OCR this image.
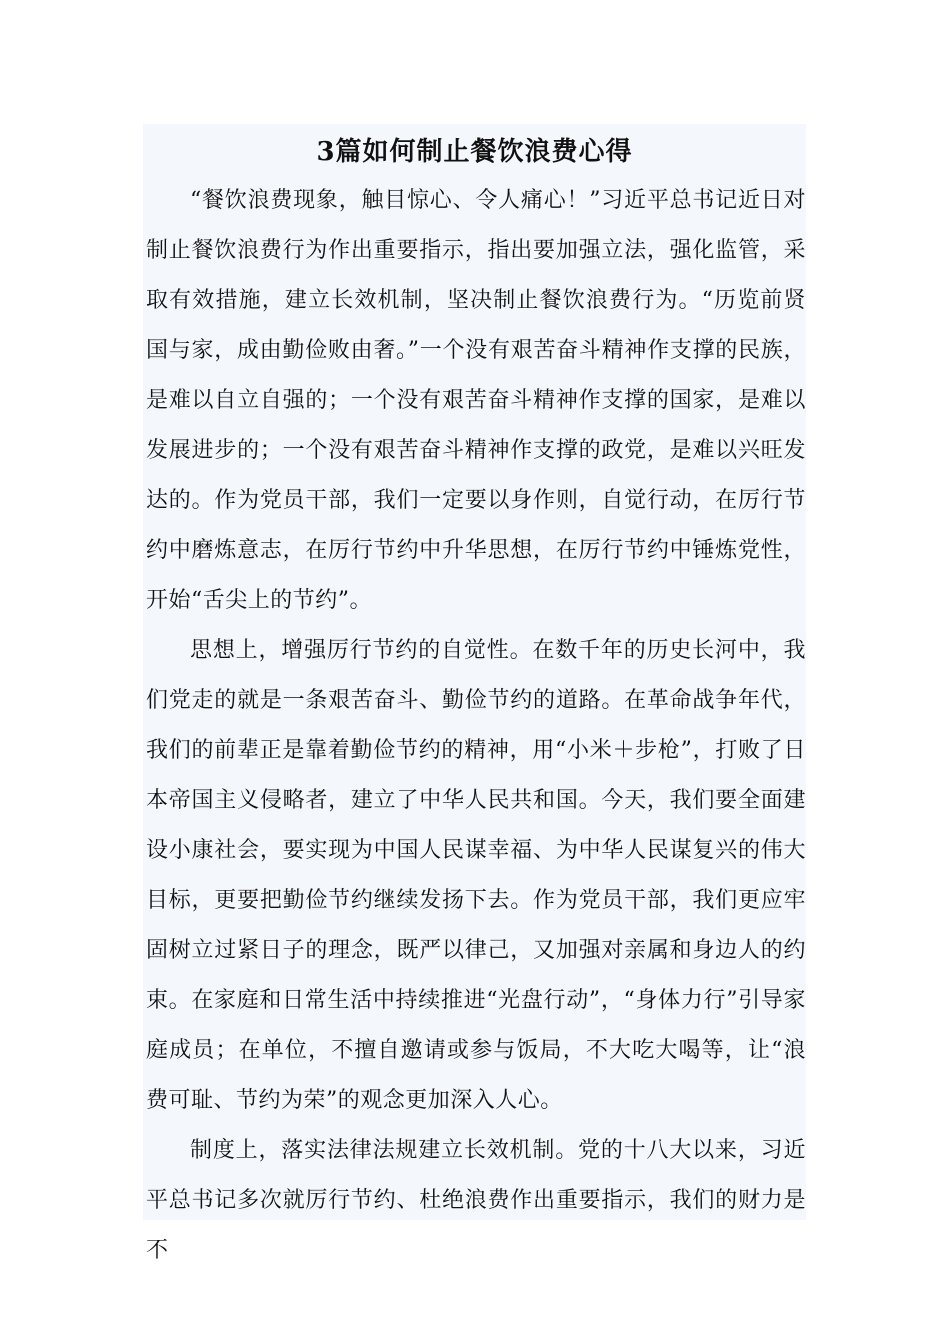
3篇如何制止餐饮浪费心得

“餐饮浪费现象，触目惊心、令人痛心！”习近平总书记近日对制止餐饮浪费行为作出重要指示，指出要加强立法，强化监管，采取有效措施，建立长效机制，坚决制止餐饮浪费行为。“历览前贤国与家，成由勤俭败由奢。”一个没有艰苦奋斗精神作支撑的民族，是难以自立自强的；一个没有艰苦奋斗精神作支撑的国家，是难以发展进步的；一个没有艰苦奋斗精神作支撑的政党，是难以兴旺发达的。作为党员干部，我们一定要以身作则，自觉行动，在厉行节约中磨炼意志，在厉行节约中升华思想，在厉行节约中锤炼党性，开始“舌尖上的节约”。

思想上，增强厉行节约的自觉性。在数千年的历史长河中，我们党走的就是一条艰苦奋斗、勤俭节约的道路。在革命战争年代，我们的前辈正是靠着勤俭节约的精神，用“小米＋步枪”，打败了日本帝国主义侵略者，建立了中华人民共和国。今天，我们要全面建设小康社会，要实现为中国人民谋幸福、为中华人民谋复兴的伟大目标，更要把勤俭节约继续发扬下去。作为党员干部，我们更应牢固树立过紧日子的理念，既严以律己，又加强对亲属和身边人的约束。在家庭和日常生活中持续推进“光盘行动”，“身体力行”引导家庭成员；在单位，不擅自邀请或参与饭局，不大吃大喝等，让“浪费可耻、节约为荣”的观念更加深入人心。

制度上，落实法律法规建立长效机制。党的十八大以来，习近平总书记多次就厉行节约、杜绝浪费作出重要指示，我们的财力是不
